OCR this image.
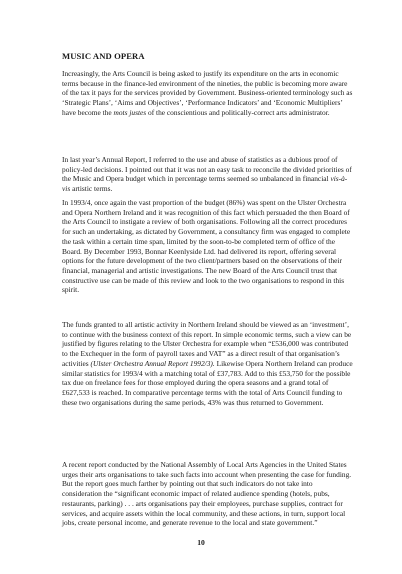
MUSIC AND OPERA

Increasingly, the Arts Council is being asked to justify its expenditure on the arts in economic terms because in the finance-led environment of the nineties, the public is becoming more aware of the tax it pays for the services provided by Government. Business-oriented terminology such as ‘Strategic Plans’, ‘Aims and Objectives’, ‘Performance Indicators’ and ‘Economic Multipliers’ have become the mots justes of the conscientious and politically-correct arts administrator.

In last year’s Annual Report, I referred to the use and abuse of statistics as a dubious proof of policy-led decisions. I pointed out that it was not an easy task to reconcile the divided priorities of the Music and Opera budget which in percentage terms seemed so unbalanced in financial vis-à-vis artistic terms.

In 1993/4, once again the vast proportion of the budget (86%) was spent on the Ulster Orchestra and Opera Northern Ireland and it was recognition of this fact which persuaded the then Board of the Arts Council to instigate a review of both organisations. Following all the correct procedures for such an undertaking, as dictated by Government, a consultancy firm was engaged to complete the task within a certain time span, limited by the soon-to-be completed term of office of the Board. By December 1993, Bonnar Keenlyside Ltd. had delivered its report, offering several options for the future development of the two client/partners based on the observations of their financial, managerial and artistic investigations. The new Board of the Arts Council trust that constructive use can be made of this review and look to the two organisations to respond in this spirit.

The funds granted to all artistic activity in Northern Ireland should be viewed as an ‘investment’, to continue with the business context of this report. In simple economic terms, such a view can be justified by figures relating to the Ulster Orchestra for example when “£536,000 was contributed to the Exchequer in the form of payroll taxes and VAT” as a direct result of that organisation’s activities (Ulster Orchestra Annual Report 1992/3). Likewise Opera Northern Ireland can produce similar statistics for 1993/4 with a matching total of £37,783. Add to this £53,750 for the possible tax due on freelance fees for those employed during the opera seasons and a grand total of £627,533 is reached. In comparative percentage terms with the total of Arts Council funding to these two organisations during the same periods, 43% was thus returned to Government.

A recent report conducted by the National Assembly of Local Arts Agencies in the United States urges their arts organisations to take such facts into account when presenting the case for funding. But the report goes much farther by pointing out that such indicators do not take into consideration the “significant economic impact of related audience spending (hotels, pubs, restaurants, parking) . . . arts organisations pay their employees, purchase supplies, contract for services, and acquire assets within the local community, and these actions, in turn, support local jobs, create personal income, and generate revenue to the local and state government.”

10
